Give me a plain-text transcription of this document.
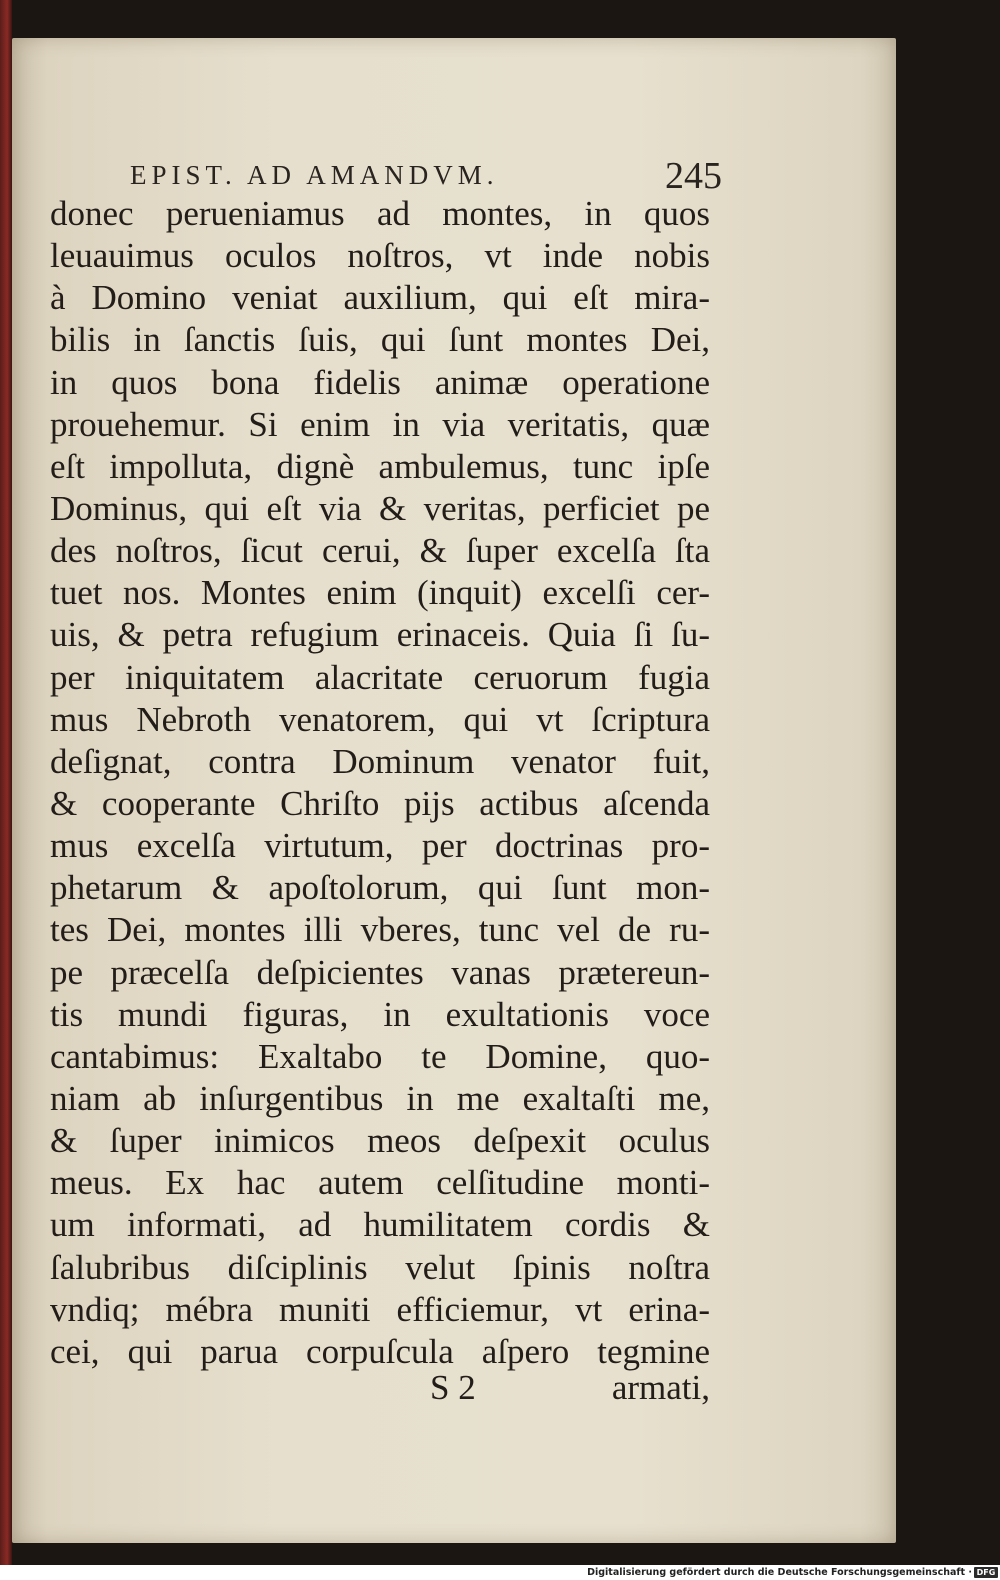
EPIST. AD AMANDVM.	245
donec perueniamus ad montes, in quos
leuauimus oculos noſtros, vt inde nobis
à Domino veniat auxilium, qui eſt mira-
bilis in ſanctis ſuis, qui ſunt montes Dei,
in quos bona fidelis animæ operatione
prouehemur. Si enim in via veritatis, quæ
eſt impolluta, dignè ambulemus, tunc ipſe
Dominus, qui eſt via & veritas, perficiet pe
des noſtros, ſicut cerui, & ſuper excelſa ſta
tuet nos. Montes enim (inquit) excelſi cer-
uis, & petra refugium erinaceis. Quia ſi ſu-
per iniquitatem alacritate ceruorum fugia
mus Nebroth venatorem, qui vt ſcriptura
deſignat, contra Dominum venator fuit,
& cooperante Chriſto pijs actibus aſcenda
mus excelſa virtutum, per doctrinas pro-
phetarum & apoſtolorum, qui ſunt mon-
tes Dei, montes illi vberes, tunc vel de ru-
pe præcelſa deſpicientes vanas prætereun-
tis mundi figuras, in exultationis voce
cantabimus: Exaltabo te Domine, quo-
niam ab inſurgentibus in me exaltaſti me,
& ſuper inimicos meos deſpexit oculus
meus. Ex hac autem celſitudine monti-
um informati, ad humilitatem cordis &
ſalubribus diſciplinis velut ſpinis noſtra
vndiq; mébra muniti efficiemur, vt erina-
cei, qui parua corpuſcula aſpero tegmine
S 2	armati,
Digitalisierung gefördert durch die Deutsche Forschungsgemeinschaft · DFG
